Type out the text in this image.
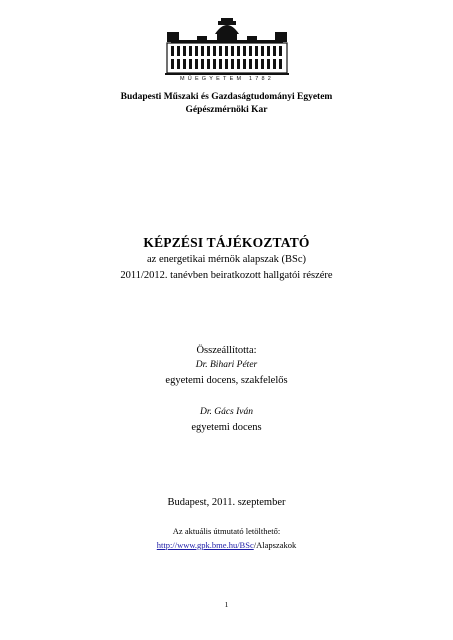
MŰEGYETEM 1782
Budapesti Műszaki és Gazdaságtudományi Egyetem
Gépészmérnöki Kar
KÉPZÉSI TÁJÉKOZTATÓ
az energetikai mérnök alapszak (BSc)
2011/2012. tanévben beiratkozott hallgatói részére
Összeállította:
Dr. Bihari Péter
egyetemi docens, szakfelelős
Dr. Gács Iván
egyetemi docens
Budapest, 2011. szeptember
Az aktuális útmutató letölthető:
http://www.gpk.bme.hu/BSc/Alapszakok
1
